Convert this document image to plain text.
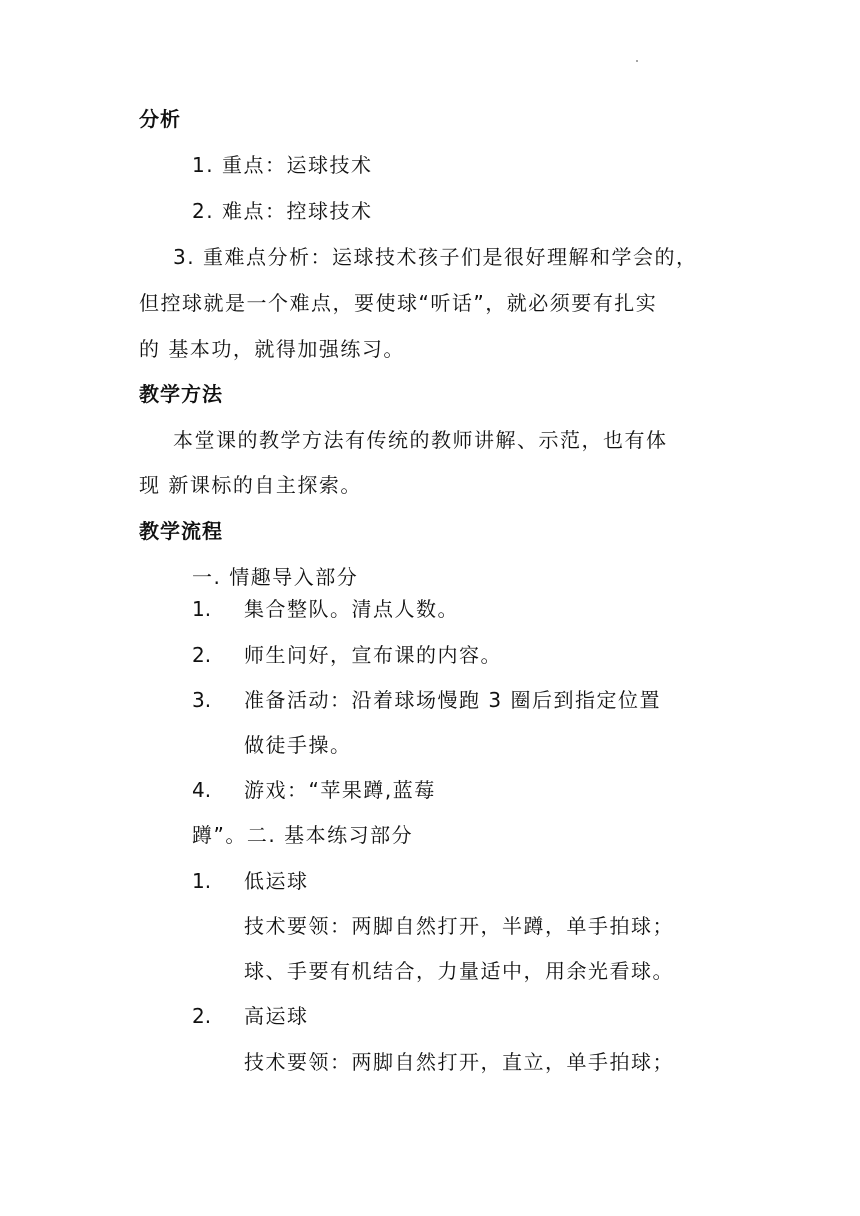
分析
1. 重点：运球技术
2. 难点：控球技术
3. 重难点分析：运球技术孩子们是很好理解和学会的，
但控球就是一个难点，要使球“听话”，就必须要有扎实
的 基本功，就得加强练习。
教学方法
本堂课的教学方法有传统的教师讲解、示范，也有体
现 新课标的自主探索。
教学流程
一. 情趣导入部分
1. 集合整队。清点人数。
2. 师生问好，宣布课的内容。
3. 准备活动：沿着球场慢跑 3 圈后到指定位置
做徒手操。
4. 游戏：“苹果蹲,蓝莓
蹲”。二. 基本练习部分
1. 低运球
技术要领：两脚自然打开，半蹲，单手拍球；
球、手要有机结合，力量适中，用余光看球。
2. 高运球
技术要领：两脚自然打开，直立，单手拍球；
